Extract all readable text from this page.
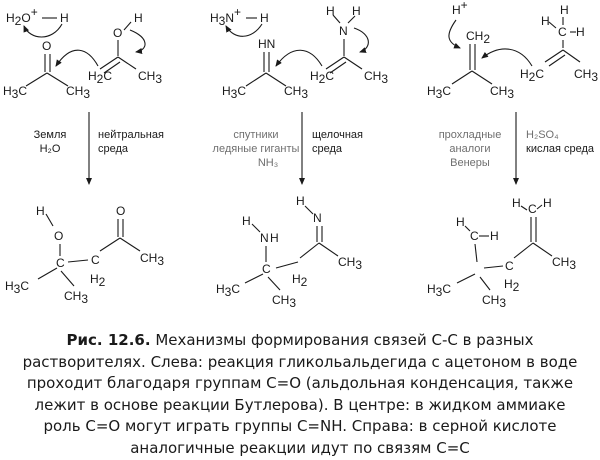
H2O+ H
O
H3C	CH3
H
O
H2C CH3
Земля
H₂O
нейтральная
среда
O
CH3
C
H2
C
H
O
H3C
CH3
H3N+ H
HN
H3C	CH3
H H
N
H2C CH3
спутники
ледяные гиганты
NH₃
щелочная
среда
H
N
CH3
H2
C
H
N H
H3C
CH3
H+
CH2
H3C	CH3
H
H
C H
H2C CH3
прохладные
аналоги
Венеры
H₂SO₄
кислая среда
H C H
CH3
C
H2
H
C H
H3C
CH3

Рис. 12.6. Механизмы формирования связей С-С в разных растворителях. Слева: реакция гликольальдегида с ацетоном в воде проходит благодаря группам С=О (альдольная конденсация, также лежит в основе реакции Бутлерова). В центре: в жидком аммиаке роль С=О могут играть группы С=NH. Справа: в серной кислоте аналогичные реакции идут по связям С=С
